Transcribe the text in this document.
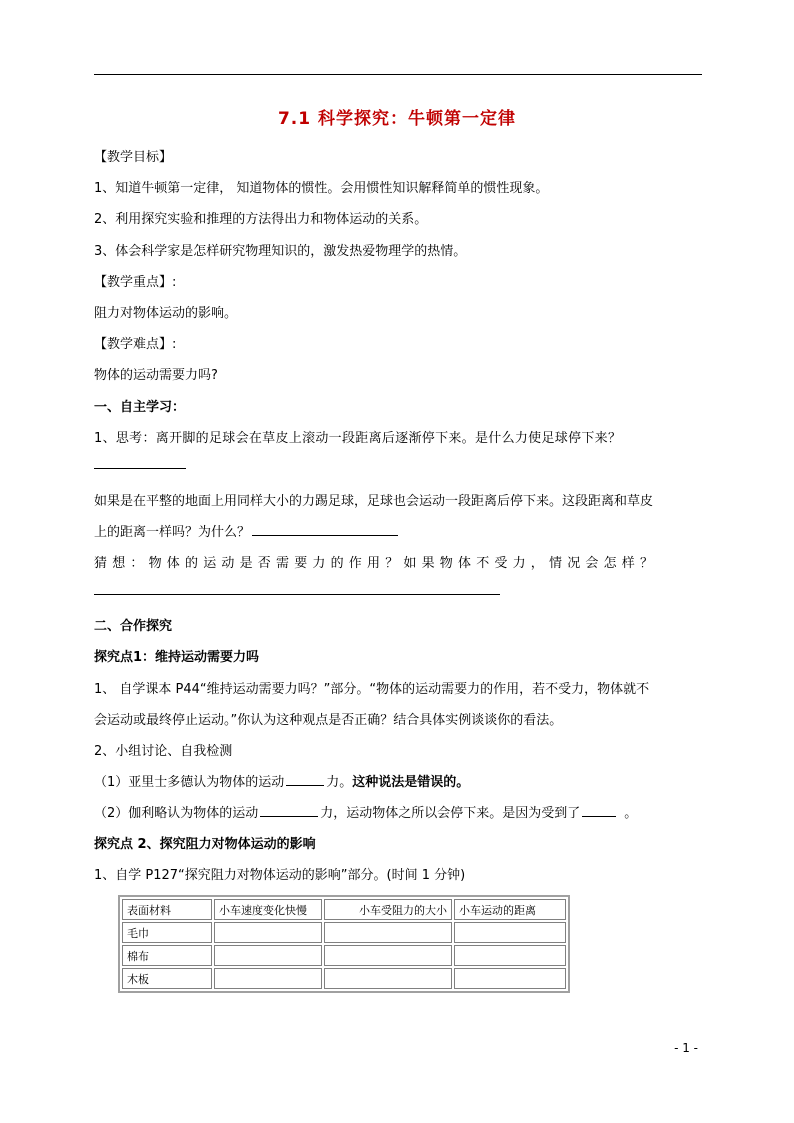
7.1 科学探究：牛顿第一定律
【教学目标】
1、知道牛顿第一定律， 知道物体的惯性。会用惯性知识解释简单的惯性现象。
2、利用探究实验和推理的方法得出力和物体运动的关系。
3、体会科学家是怎样研究物理知识的，激发热爱物理学的热情。
【教学重点】:
阻力对物体运动的影响。
【教学难点】:
物体的运动需要力吗?
一、自主学习：
1、思考：离开脚的足球会在草皮上滚动一段距离后逐渐停下来。是什么力使足球停下来？
如果是在平整的地面上用同样大小的力踢足球，足球也会运动一段距离后停下来。这段距离和草皮
上的距离一样吗？为什么？
猜想：物体的运动是否需要力的作用？如果物体不受力，情况会怎样？
二、合作探究
探究点1：维持运动需要力吗
1、 自学课本 P44“维持运动需要力吗？”部分。“物体的运动需要力的作用，若不受力，物体就不
会运动或最终停止运动。”你认为这种观点是否正确？结合具体实例谈谈你的看法。
2、小组讨论、自我检测
（1）亚里士多德认为物体的运动	力。这种说法是错误的。
（2）伽利略认为物体的运动	力，运动物体之所以会停下来。是因为受到了	。
探究点 2、探究阻力对物体运动的影响
1、自学 P127“探究阻力对物体运动的影响”部分。(时间 1 分钟)
表面材料	小车速度变化快慢	小车受阻力的大小	小车运动的距离
毛巾			
棉布			
木板			
- 1 -
